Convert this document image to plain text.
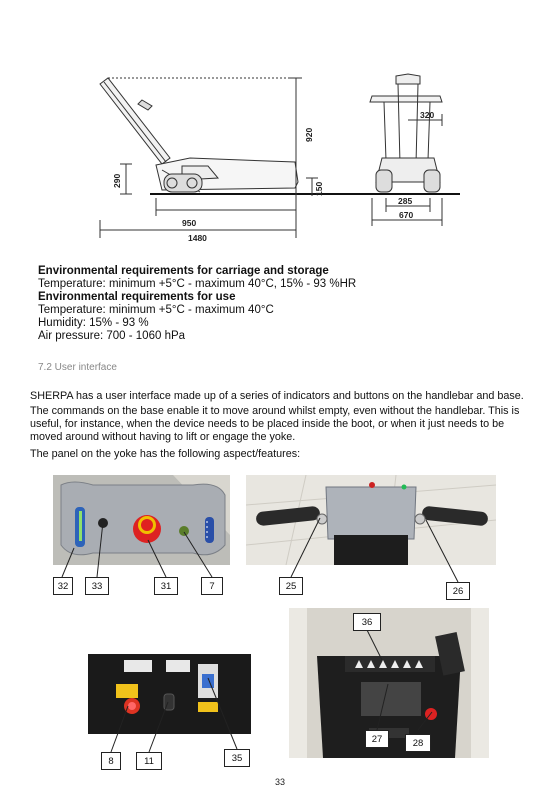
950
1480
920
290
150
320
285
670
Environmental requirements for carriage and storage
Temperature: minimum +5°C - maximum 40°C, 15% - 93 %HR
Environmental requirements for use
Temperature: minimum +5°C - maximum 40°C
Humidity: 15% - 93 %
Air pressure: 700 - 1060 hPa
7.2 User interface
SHERPA has a user interface made up of a series of indicators and buttons on the handlebar and base.
The commands on the base enable it to move around whilst empty, even without the handlebar. This is useful, for instance, when the device needs to be placed inside the boot, or when it just needs to be moved around without having to lift or engage the yoke.
The panel on the yoke has the following aspect/features:
32	33	31	7	25	26
36
27	28
8	11	35
33
